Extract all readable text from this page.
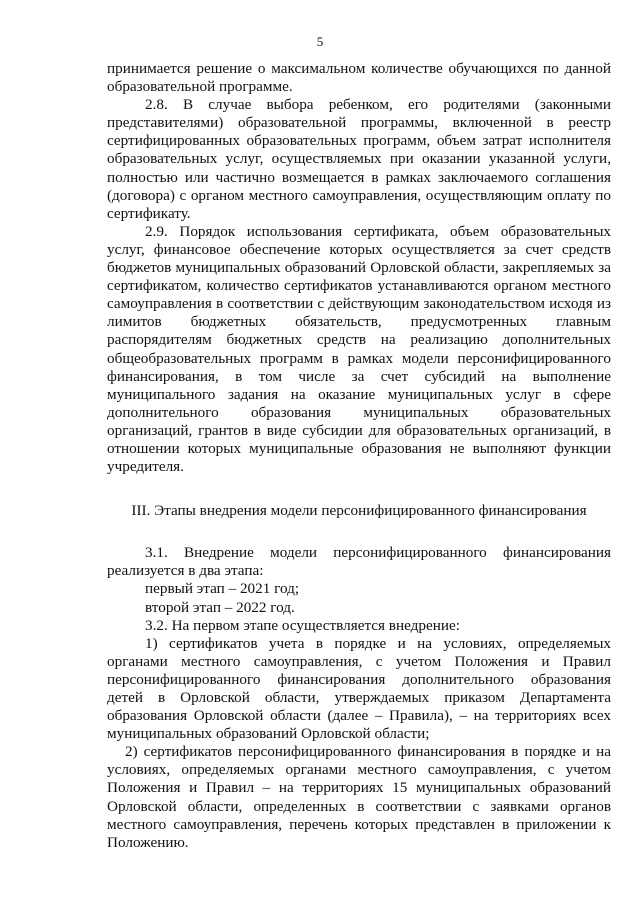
5

принимается решение о максимальном количестве обучающихся по данной образовательной программе.

2.8. В случае выбора ребенком, его родителями (законными представителями) образовательной программы, включенной в реестр сертифицированных образовательных программ, объем затрат исполнителя образовательных услуг, осуществляемых при оказании указанной услуги, полностью или частично возмещается в рамках заключаемого соглашения (договора) с органом местного самоуправления, осуществляющим оплату по сертификату.

2.9. Порядок использования сертификата, объем образовательных услуг, финансовое обеспечение которых осуществляется за счет средств бюджетов муниципальных образований Орловской области, закрепляемых за сертификатом, количество сертификатов устанавливаются органом местного самоуправления в соответствии с действующим законодательством исходя из лимитов бюджетных обязательств, предусмотренных главным распорядителям бюджетных средств на реализацию дополнительных общеобразовательных программ в рамках модели персонифицированного финансирования, в том числе за счет субсидий на выполнение муниципального задания на оказание муниципальных услуг в сфере дополнительного образования муниципальных образовательных организаций, грантов в виде субсидии для образовательных организаций, в отношении которых муниципальные образования не выполняют функции учредителя.

III. Этапы внедрения модели персонифицированного финансирования

3.1. Внедрение модели персонифицированного финансирования реализуется в два этапа:

первый этап – 2021 год;

второй этап – 2022 год.

3.2. На первом этапе осуществляется внедрение:

1) сертификатов учета в порядке и на условиях, определяемых органами местного самоуправления, с учетом Положения и Правил персонифицированного финансирования дополнительного образования детей в Орловской области, утверждаемых приказом Департамента образования Орловской области (далее – Правила), – на территориях всех муниципальных образований Орловской области;

2) сертификатов персонифицированного финансирования в порядке и на условиях, определяемых органами местного самоуправления, с учетом Положения и Правил – на территориях 15 муниципальных образований Орловской области, определенных в соответствии с заявками органов местного самоуправления, перечень которых представлен в приложении к Положению.
